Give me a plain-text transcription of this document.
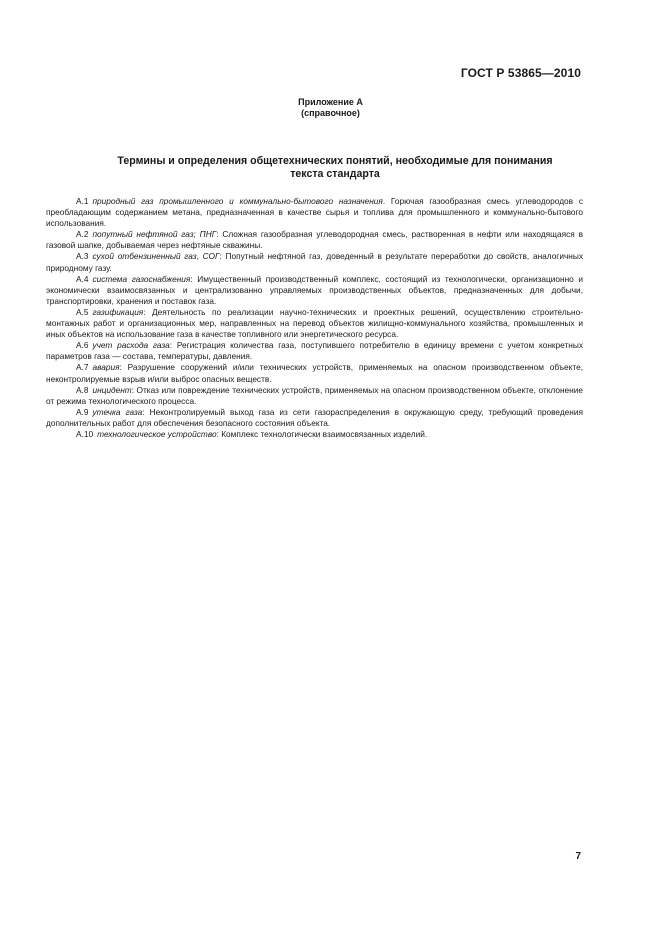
ГОСТ Р 53865—2010
Приложение А
(справочное)
Термины и определения общетехнических понятий, необходимые для понимания
текста стандарта

А.1 природный газ промышленного и коммунально-бытового назначения. Горючая газообразная смесь углеводородов с преобладающим содержанием метана, предназначенная в качестве сырья и топлива для промышленного и коммунально-бытового использования.

А.2 попутный нефтяной газ; ПНГ: Сложная газообразная углеводородная смесь, растворенная в нефти или находящаяся в газовой шапке, добываемая через нефтяные скважины.

А.3 сухой отбензиненный газ, СОГ: Попутный нефтяной газ, доведенный в результате переработки до свойств, аналогичных природному газу.

А.4 система газоснабжения: Имущественный производственный комплекс, состоящий из технологически, организационно и экономически взаимосвязанных и централизованно управляемых производственных объектов, предназначенных для добычи, транспортировки, хранения и поставок газа.

А.5 газификация: Деятельность по реализации научно-технических и проектных решений, осуществлению строительно-монтажных работ и организационных мер, направленных на перевод объектов жилищно-коммунального хозяйства, промышленных и иных объектов на использование газа в качестве топливного или энергетического ресурса.

А.6 учет расхода газа: Регистрация количества газа, поступившего потребителю в единицу времени с учетом конкретных параметров газа — состава, температуры, давления.

А.7 авария: Разрушение сооружений и/или технических устройств, применяемых на опасном производственном объекте, неконтролируемые взрыв и/или выброс опасных веществ.

А.8 инцидент: Отказ или повреждение технических устройств, применяемых на опасном производственном объекте, отклонение от режима технологического процесса.

А.9 утечка газа: Неконтролируемый выход газа из сети газораспределения в окружающую среду, требующий проведения дополнительных работ для обеспечения безопасного состояния объекта.

А.10 технологическое устройство: Комплекс технологически взаимосвязанных изделий.

7
